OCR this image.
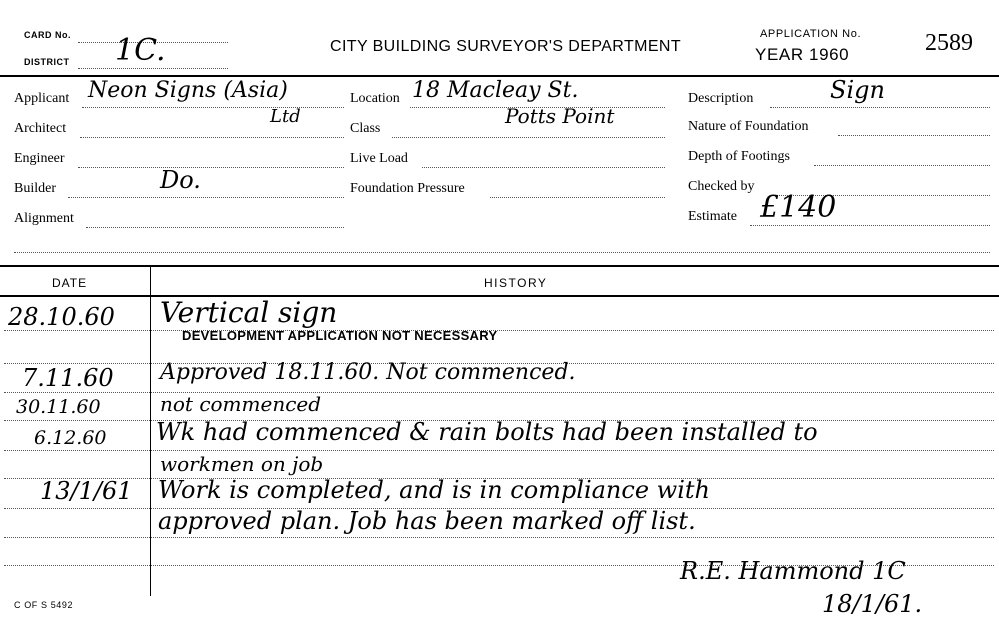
CARD No.
DISTRICT 1C.	CITY BUILDING SURVEYOR'S DEPARTMENT
APPLICATION No.
YEAR 1960	2589
Applicant Neon Signs (Asia)
Ltd
Architect
Engineer
Builder	Do.
Alignment
Location 18 Macleay St.
Class
Potts Point
Live Load
Foundation Pressure
Description	Sign
Nature of Foundation
Depth of Footings
Checked by
Estimate £140
DATE	HISTORY
28.10.60 Vertical sign
DEVELOPMENT APPLICATION NOT NECESSARY
7.11.60 Approved 18.11.60. Not commenced.
30.11.60	not commenced
6.12.60 Wk had commenced & rain bolts had been installed to
workmen on job
13/1/61 Work is completed, and is in compliance with
approved plan. Job has been marked off list.
R.E. Hammond 1C
18/1/61.
C OF S 5492
